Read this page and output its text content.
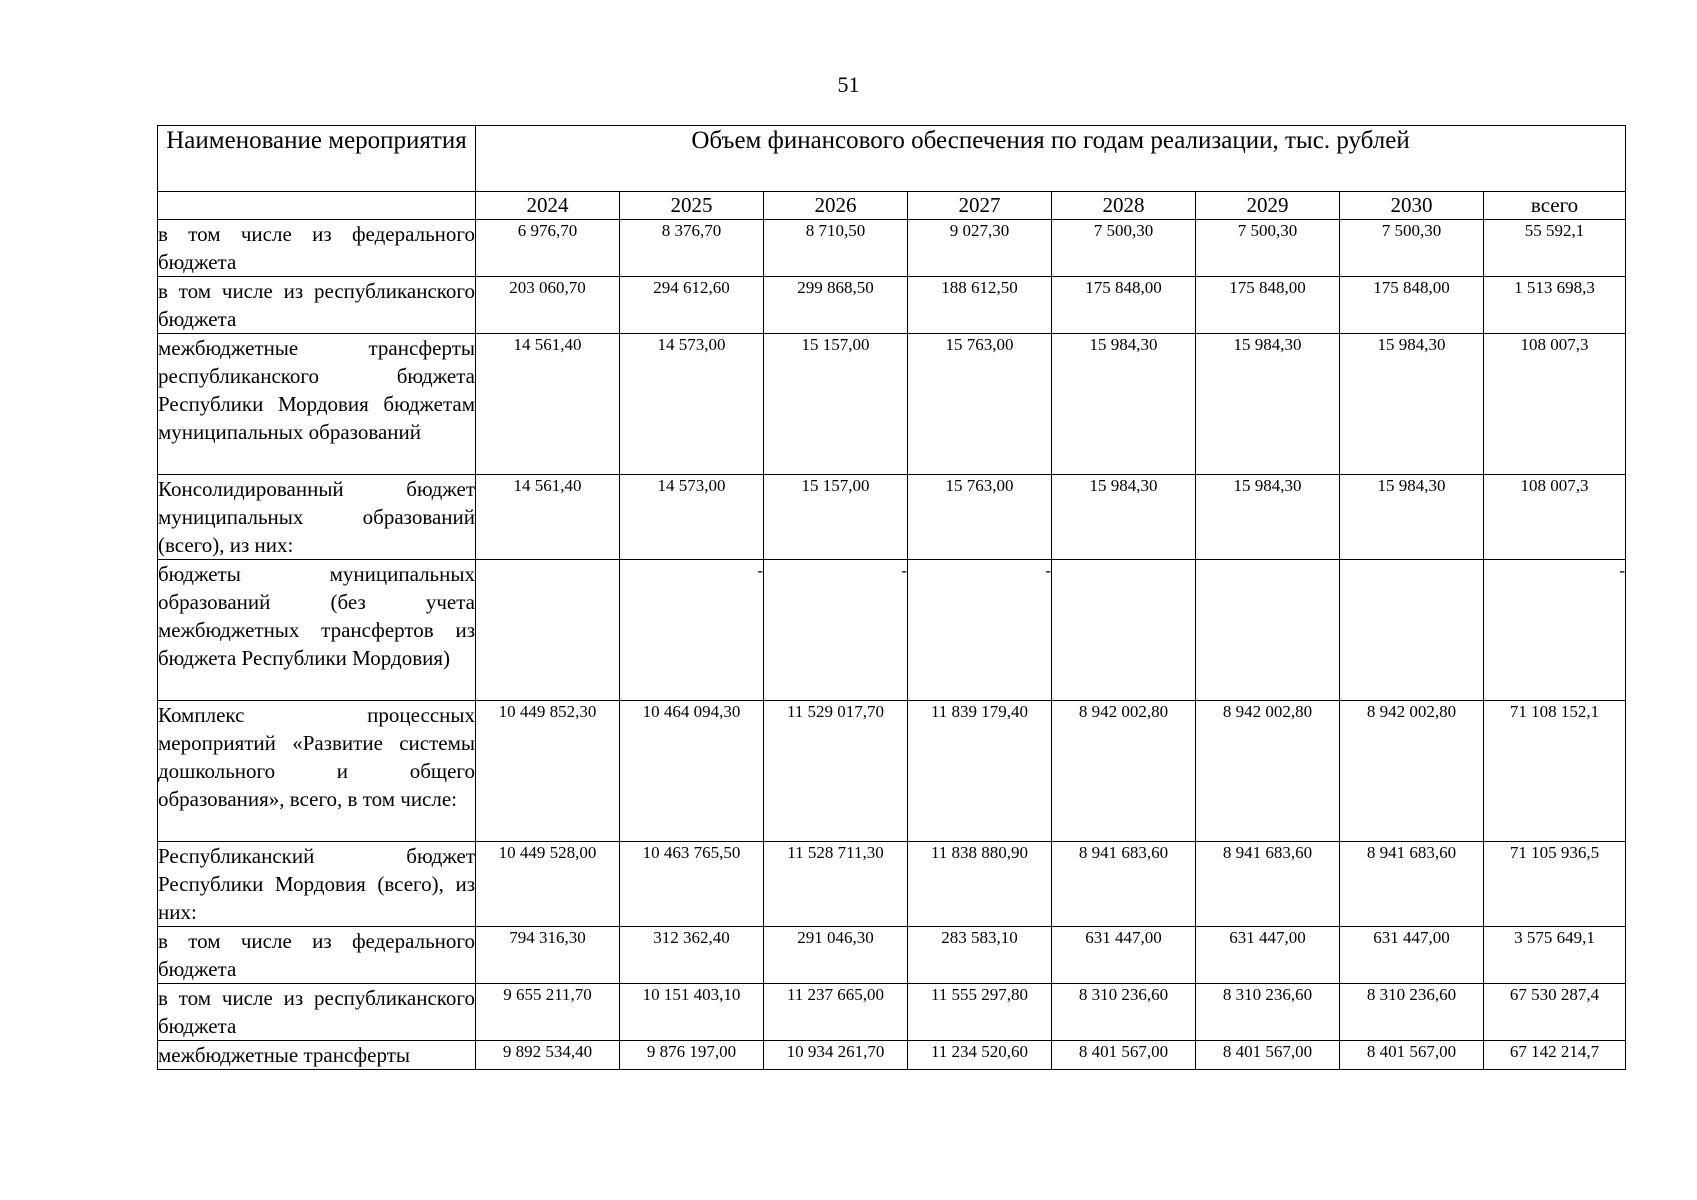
51
Наименование мероприятия	Объем финансового обеспечения по годам реализации, тыс. рублей							
	2024	2025	2026	2027	2028	2029	2030	всего
в том числе из федерального бюджета	6 976,70	8 376,70	8 710,50	9 027,30	7 500,30	7 500,30	7 500,30	55 592,1
в том числе из республиканского бюджета	203 060,70	294 612,60	299 868,50	188 612,50	175 848,00	175 848,00	175 848,00	1 513 698,3
межбюджетные трансферты республиканского бюджета Республики Мордовия бюджетам муниципальных образований	14 561,40	14 573,00	15 157,00	15 763,00	15 984,30	15 984,30	15 984,30	108 007,3
Консолидированный бюджет муниципальных образований (всего), из них:	14 561,40	14 573,00	15 157,00	15 763,00	15 984,30	15 984,30	15 984,30	108 007,3
бюджеты муниципальных образований (без учета межбюджетных трансфертов из бюджета Республики Мордовия)		-	-	-				-
Комплекс процессных мероприятий «Развитие системы дошкольного и общего образования», всего, в том числе:	10 449 852,30	10 464 094,30	11 529 017,70	11 839 179,40	8 942 002,80	8 942 002,80	8 942 002,80	71 108 152,1
Республиканский бюджет Республики Мордовия (всего), из них:	10 449 528,00	10 463 765,50	11 528 711,30	11 838 880,90	8 941 683,60	8 941 683,60	8 941 683,60	71 105 936,5
в том числе из федерального бюджета	794 316,30	312 362,40	291 046,30	283 583,10	631 447,00	631 447,00	631 447,00	3 575 649,1
в том числе из республиканского бюджета	9 655 211,70	10 151 403,10	11 237 665,00	11 555 297,80	8 310 236,60	8 310 236,60	8 310 236,60	67 530 287,4
межбюджетные трансферты	9 892 534,40	9 876 197,00	10 934 261,70	11 234 520,60	8 401 567,00	8 401 567,00	8 401 567,00	67 142 214,7
